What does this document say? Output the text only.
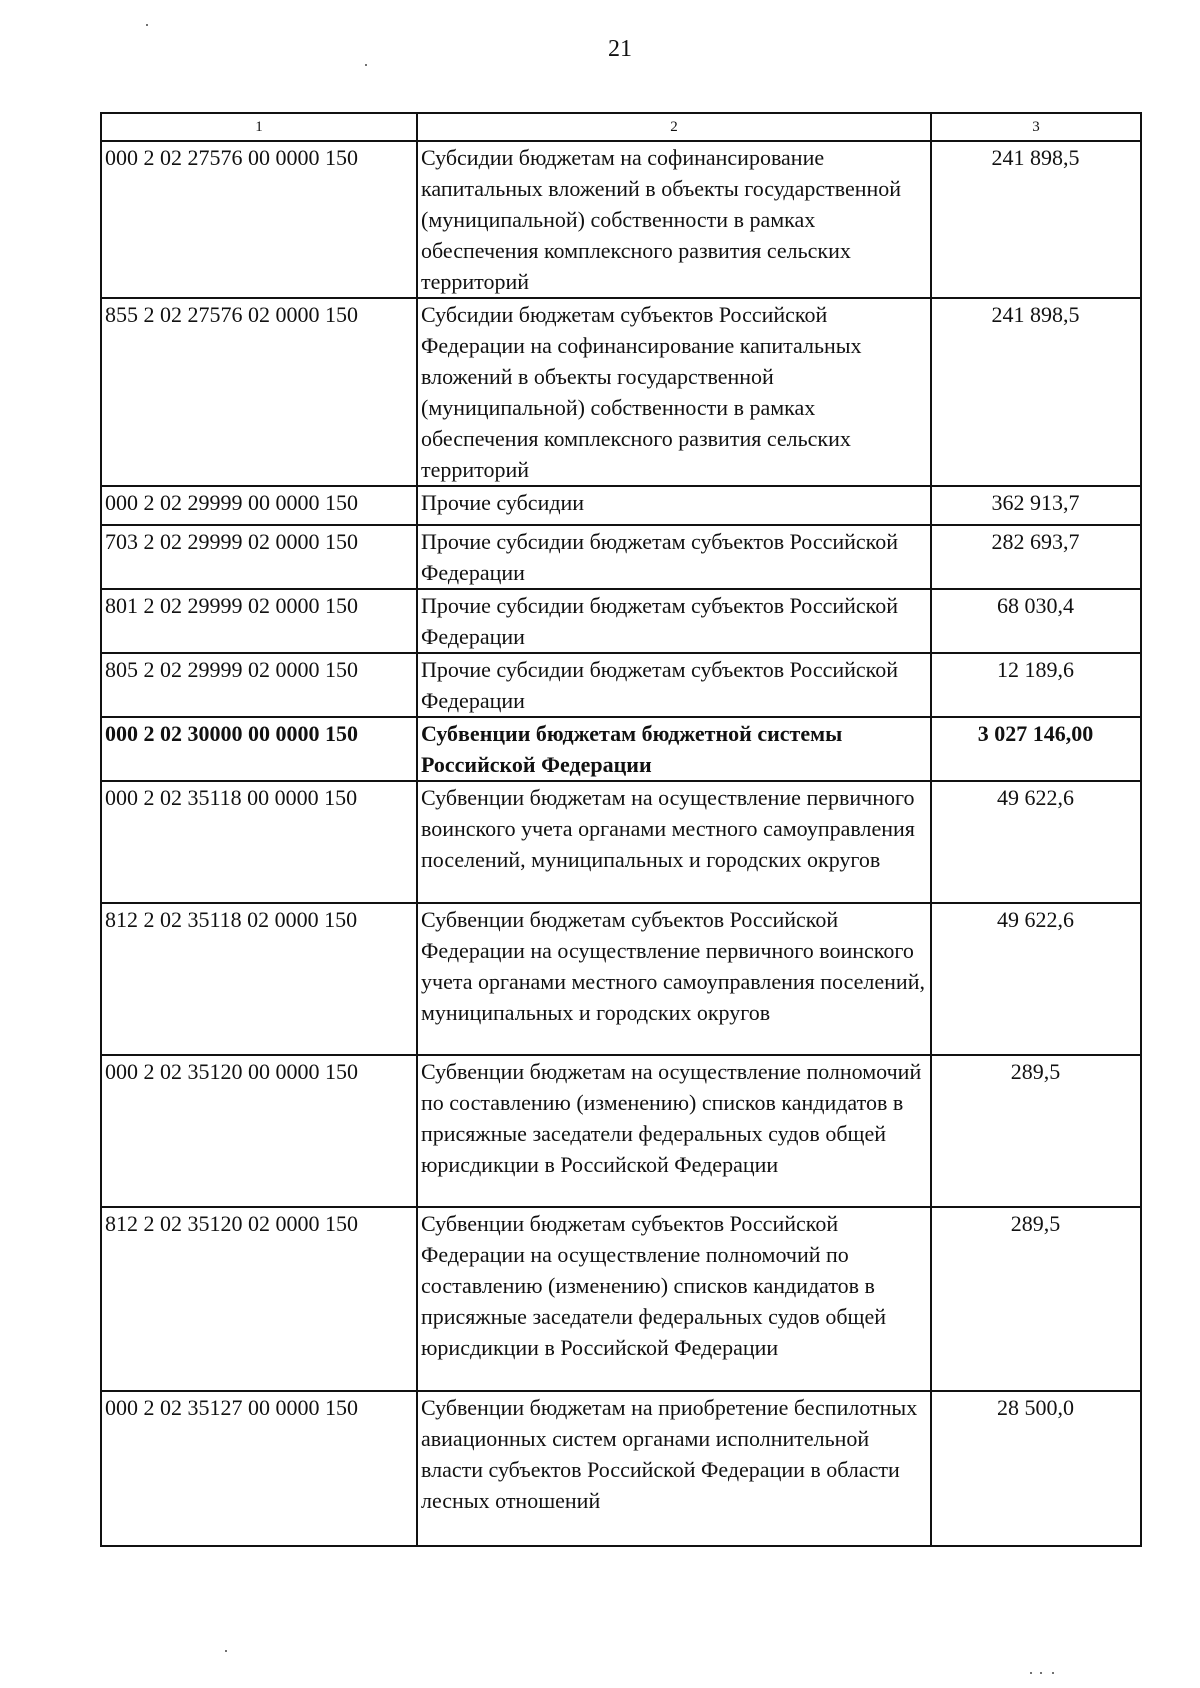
21
1	2	3
000 2 02 27576 00 0000 150	Субсидии бюджетам на софинансирование капитальных вложений в объекты государственной (муниципальной) собственности в рамках обеспечения комплексного развития сельских территорий	241 898,5
855 2 02 27576 02 0000 150	Субсидии бюджетам субъектов Российской Федерации на софинансирование капитальных вложений в объекты государственной (муниципальной) собственности в рамках обеспечения комплексного развития сельских территорий	241 898,5
000 2 02 29999 00 0000 150	Прочие субсидии	362 913,7
703 2 02 29999 02 0000 150	Прочие субсидии бюджетам субъектов Российской Федерации	282 693,7
801 2 02 29999 02 0000 150	Прочие субсидии бюджетам субъектов Российской Федерации	68 030,4
805 2 02 29999 02 0000 150	Прочие субсидии бюджетам субъектов Российской Федерации	12 189,6
000 2 02 30000 00 0000 150	Субвенции бюджетам бюджетной системы Российской Федерации	3 027 146,00
000 2 02 35118 00 0000 150	Субвенции бюджетам на осуществление первичного воинского учета органами местного самоуправления поселений, муниципальных и городских округов	49 622,6
812 2 02 35118 02 0000 150	Субвенции бюджетам субъектов Российской Федерации на осуществление первичного воинского учета органами местного самоуправления поселений, муниципальных и городских округов	49 622,6
000 2 02 35120 00 0000 150	Субвенции бюджетам на осуществление полномочий по составлению (изменению) списков кандидатов в присяжные заседатели федеральных судов общей юрисдикции в Российской Федерации	289,5
812 2 02 35120 02 0000 150	Субвенции бюджетам субъектов Российской Федерации на осуществление полномочий по составлению (изменению) списков кандидатов в присяжные заседатели федеральных судов общей юрисдикции в Российской Федерации	289,5
000 2 02 35127 00 0000 150	Субвенции бюджетам на приобретение беспилотных авиационных систем органами исполнительной власти субъектов Российской Федерации в области лесных отношений	28 500,0
